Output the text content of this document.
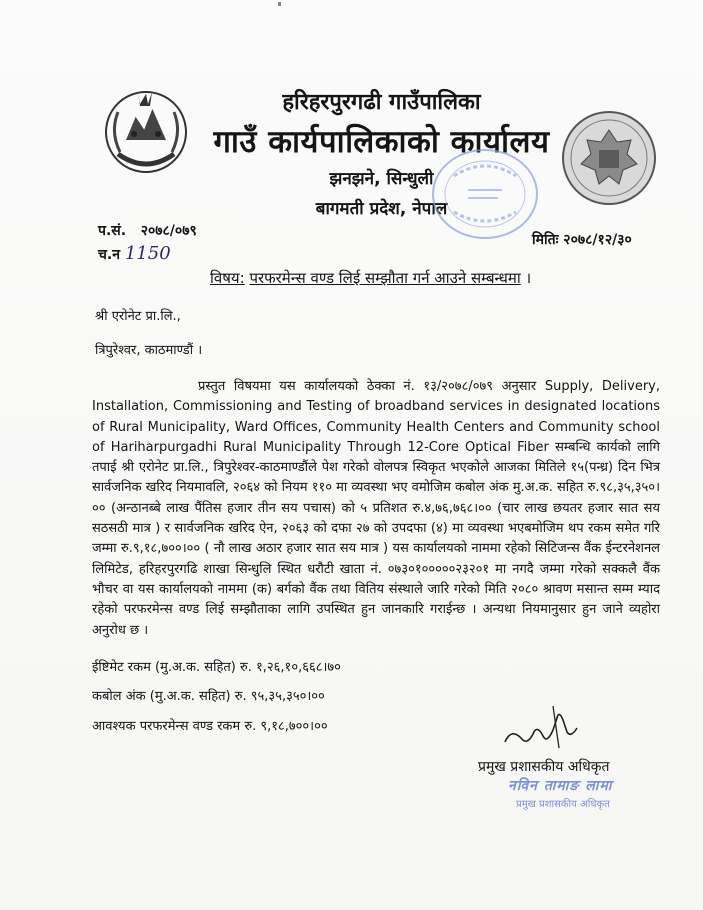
हरिहरपुरगढी गाउँपालिका
गाउँ कार्यपालिकाको कार्यालय
झनझने, सिन्धुली
बागमती प्रदेश, नेपाल
प.सं. २०७८/०७९
च.न 1150
मितिः २०७८/१२/३०
विषय: परफरमेन्स वण्ड लिई सम्झौता गर्न आउने सम्बन्धमा ।
श्री एरोनेट प्रा.लि.,
त्रिपुरेश्वर, काठमाण्डौं ।
प्रस्तुत विषयमा यस कार्यालयको ठेक्का नं. १३/२०७८/०७९ अनुसार Supply, Delivery, Installation, Commissioning and Testing of broadband services in designated locations of Rural Municipality, Ward Offices, Community Health Centers and Community school of Hariharpurgadhi Rural Municipality Through 12-Core Optical Fiber सम्बन्धि कार्यको लागि तपाई श्री एरोनेट प्रा.लि., त्रिपुरेश्वर-काठमाण्डौंले पेश गरेको वोलपत्र स्विकृत भएकोले आजका मितिले १५(पन्ध्र) दिन भित्र सार्वजनिक खरिद नियमावलि, २०६४ को नियम ११० मा व्यवस्था भए वमोजिम कबोल अंक मु.अ.क. सहित रु.९८,३५,३५०।०० (अन्ठानब्बे लाख पैंतिस हजार तीन सय पचास) को ५ प्रतिशत रु.४,७६,७६८।०० (चार लाख छयतर हजार सात सय सठसठी मात्र ) र सार्वजनिक खरिद ऐन, २०६३ को दफा २७ को उपदफा (४) मा व्यवस्था भएबमोजिम थप रकम समेत गरि जम्मा रु.९,१८,७००।०० ( नौ लाख अठार हजार सात सय मात्र ) यस कार्यालयको नाममा रहेको सिटिजन्स वैंक ईन्टरनेशनल लिमिटेड, हरिहरपुरगढि शाखा सिन्धुलि स्थित धरौटी खाता नं. ०७३०१०००००२३२०१ मा नगदै जम्मा गरेको सक्कलै वैंक भौचर वा यस कार्यालयको नाममा (क) बर्गको वैंक तथा वितिय संस्थाले जारि गरेको मिति २०८० श्रावण मसान्त सम्म म्याद रहेको परफरमेन्स वण्ड लिई सम्झौताका लागि उपस्थित हुन जानकारि गराईन्छ । अन्यथा नियमानुसार हुन जाने व्यहोरा अनुरोध छ ।
ईष्टिमेट रकम (मु.अ.क. सहित) रु. १,२६,१०,६६८।७०
कबोल अंक (मु.अ.क. सहित) रु. ९५,३५,३५०।००
आवश्यक परफरमेन्स वण्ड रकम रु. ९,१८,७००।००
प्रमुख प्रशासकीय अधिकृत
नविन तामाङ लामा
प्रमुख प्रशासकीय अधिकृत
